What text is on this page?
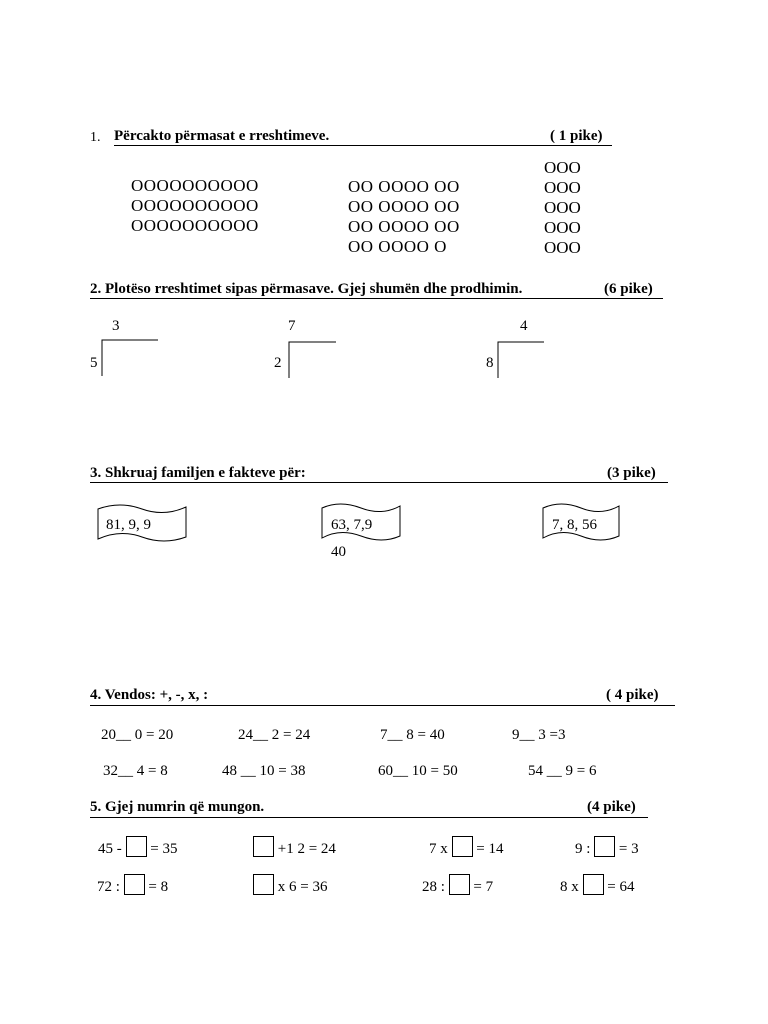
1. Përcakto përmasat e rreshtimeve.	( 1 pike)
OOOOOOOOOO
OOOOOOOOOO
OOOOOOOOOO
OO OOOO OO
OO OOOO OO
OO OOOO OO
OO OOOO O
OOO
OOO
OOO
OOO
OOO
2. Plotëso rreshtimet sipas përmasave. Gjej shumën dhe prodhimin.	(6 pike)
3
5
7
2
4
8
3. Shkruaj familjen e fakteve për:	(3 pike)
81, 9, 9	63, 7,9
40
7, 8, 56
4. Vendos: +, -, x, :	( 4 pike)
20__ 0 = 20	24__ 2 = 24	7__ 8 = 40	9__ 3 =3
32__ 4 = 8	48 __ 10 = 38	60__ 10 = 50	54 __ 9 = 6
5. Gjej numrin që mungon.	(4 pike)
45 - = 35	+1 2 = 24	7 x = 14	9 : = 3
72 : = 8	x 6 = 36	28 : = 7	8 x = 64
